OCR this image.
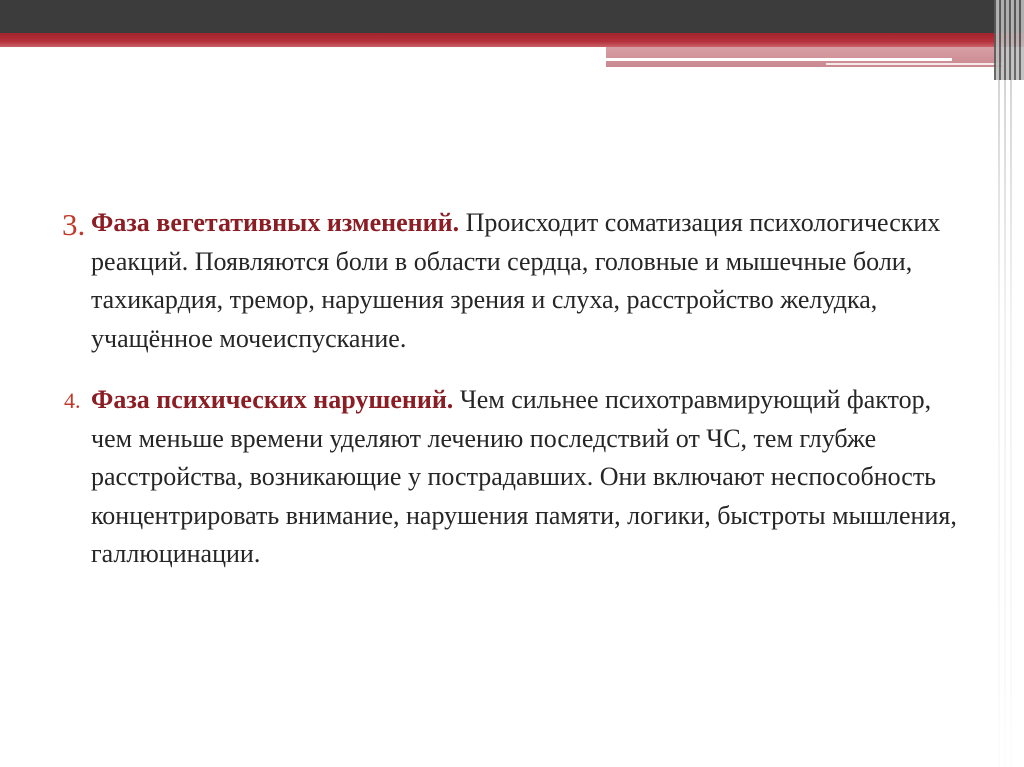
3. Фаза вегетативных изменений. Происходит соматизация психологических реакций. Появляются боли в области сердца, головные и мышечные боли, тахикардия, тремор, нарушения зрения и слуха, расстройство желудка, учащённое мочеиспускание.
4. Фаза психических нарушений. Чем сильнее психотравмирующий фактор, чем меньше времени уделяют лечению последствий от ЧС, тем глубже расстройства, возникающие у пострадавших. Они включают неспособность концентрировать внимание, нарушения памяти, логики, быстроты мышления, галлюцинации.
